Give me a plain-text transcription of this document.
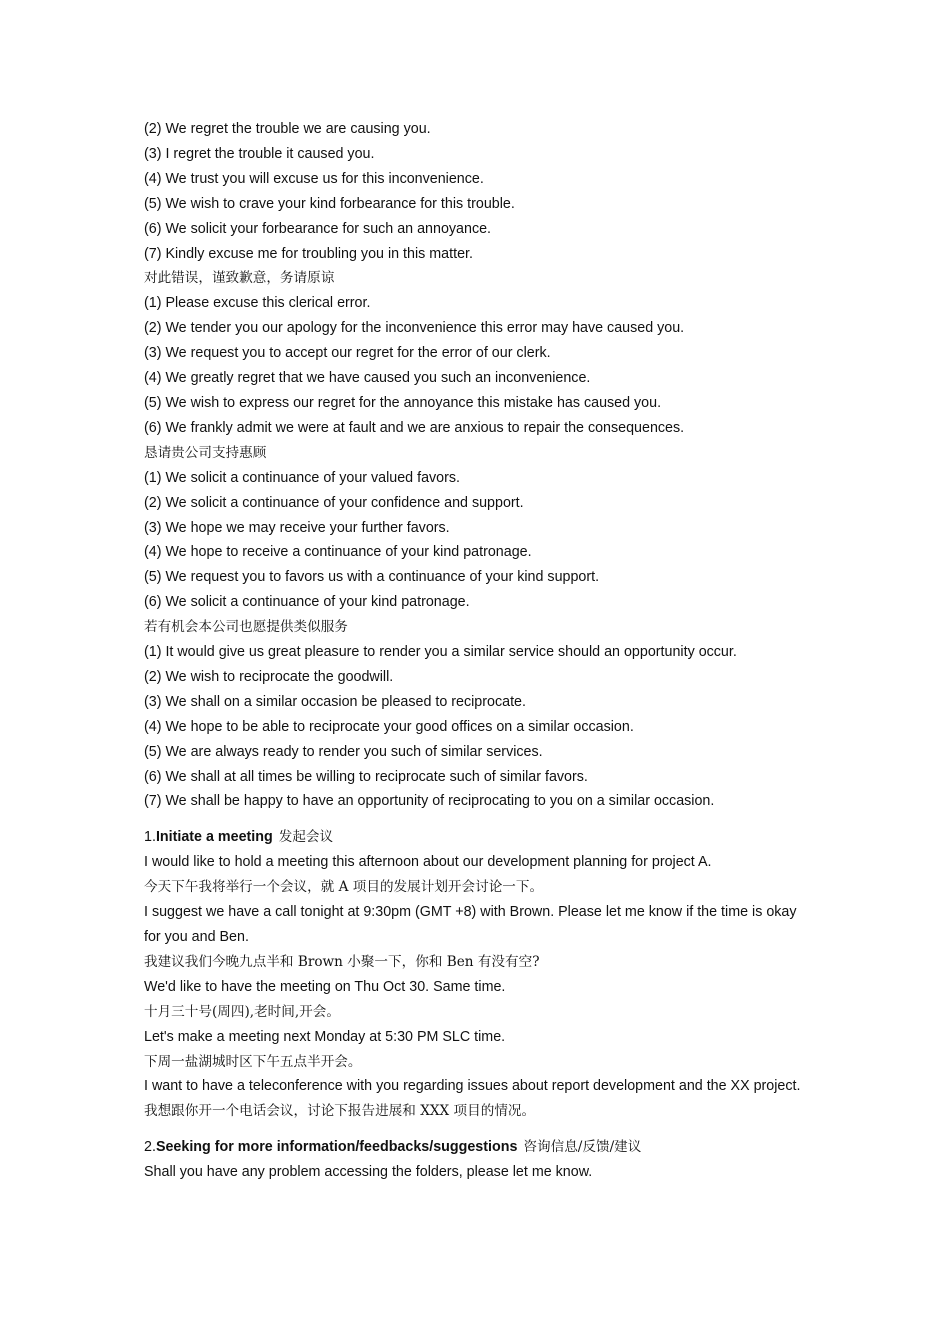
(2) We regret the trouble we are causing you.
(3) I regret the trouble it caused you.
(4) We trust you will excuse us for this inconvenience.
(5) We wish to crave your kind forbearance for this trouble.
(6) We solicit your forbearance for such an annoyance.
(7) Kindly excuse me for troubling you in this matter.
对此错误，谨致歉意，务请原谅
(1) Please excuse this clerical error.
(2) We tender you our apology for the inconvenience this error may have caused you.
(3) We request you to accept our regret for the error of our clerk.
(4) We greatly regret that we have caused you such an inconvenience.
(5) We wish to express our regret for the annoyance this mistake has caused you.
(6) We frankly admit we were at fault and we are anxious to repair the consequences.
恳请贵公司支持惠顾
(1) We solicit a continuance of your valued favors.
(2) We solicit a continuance of your confidence and support.
(3) We hope we may receive your further favors.
(4) We hope to receive a continuance of your kind patronage.
(5) We request you to favors us with a continuance of your kind support.
(6) We solicit a continuance of your kind patronage.
若有机会本公司也愿提供类似服务
(1) It would give us great pleasure to render you a similar service should an opportunity occur.
(2) We wish to reciprocate the goodwill.
(3) We shall on a similar occasion be pleased to reciprocate.
(4) We hope to be able to reciprocate your good offices on a similar occasion.
(5) We are always ready to render you such of similar services.
(6) We shall at all times be willing to reciprocate such of similar favors.
(7) We shall be happy to have an opportunity of reciprocating to you on a similar occasion.
1.Initiate a meeting 发起会议
I would like to hold a meeting this afternoon about our development planning for project A.
今天下午我将举行一个会议，就 A 项目的发展计划开会讨论一下。
I suggest we have a call tonight at 9:30pm (GMT +8) with Brown. Please let me know if the time is okay for you and Ben.
我建议我们今晚九点半和 Brown 小聚一下，你和 Ben 有没有空?
We'd like to have the meeting on Thu Oct 30. Same time.
十月三十号(周四),老时间,开会。
Let's make a meeting next Monday at 5:30 PM SLC time.
下周一盐湖城时区下午五点半开会。
I want to have a teleconference with you regarding issues about report development and the XX project.
我想跟你开一个电话会议，讨论下报告进展和 XXX 项目的情况。
2.Seeking for more information/feedbacks/suggestions 咨询信息/反馈/建议
Shall you have any problem accessing the folders, please let me know.
